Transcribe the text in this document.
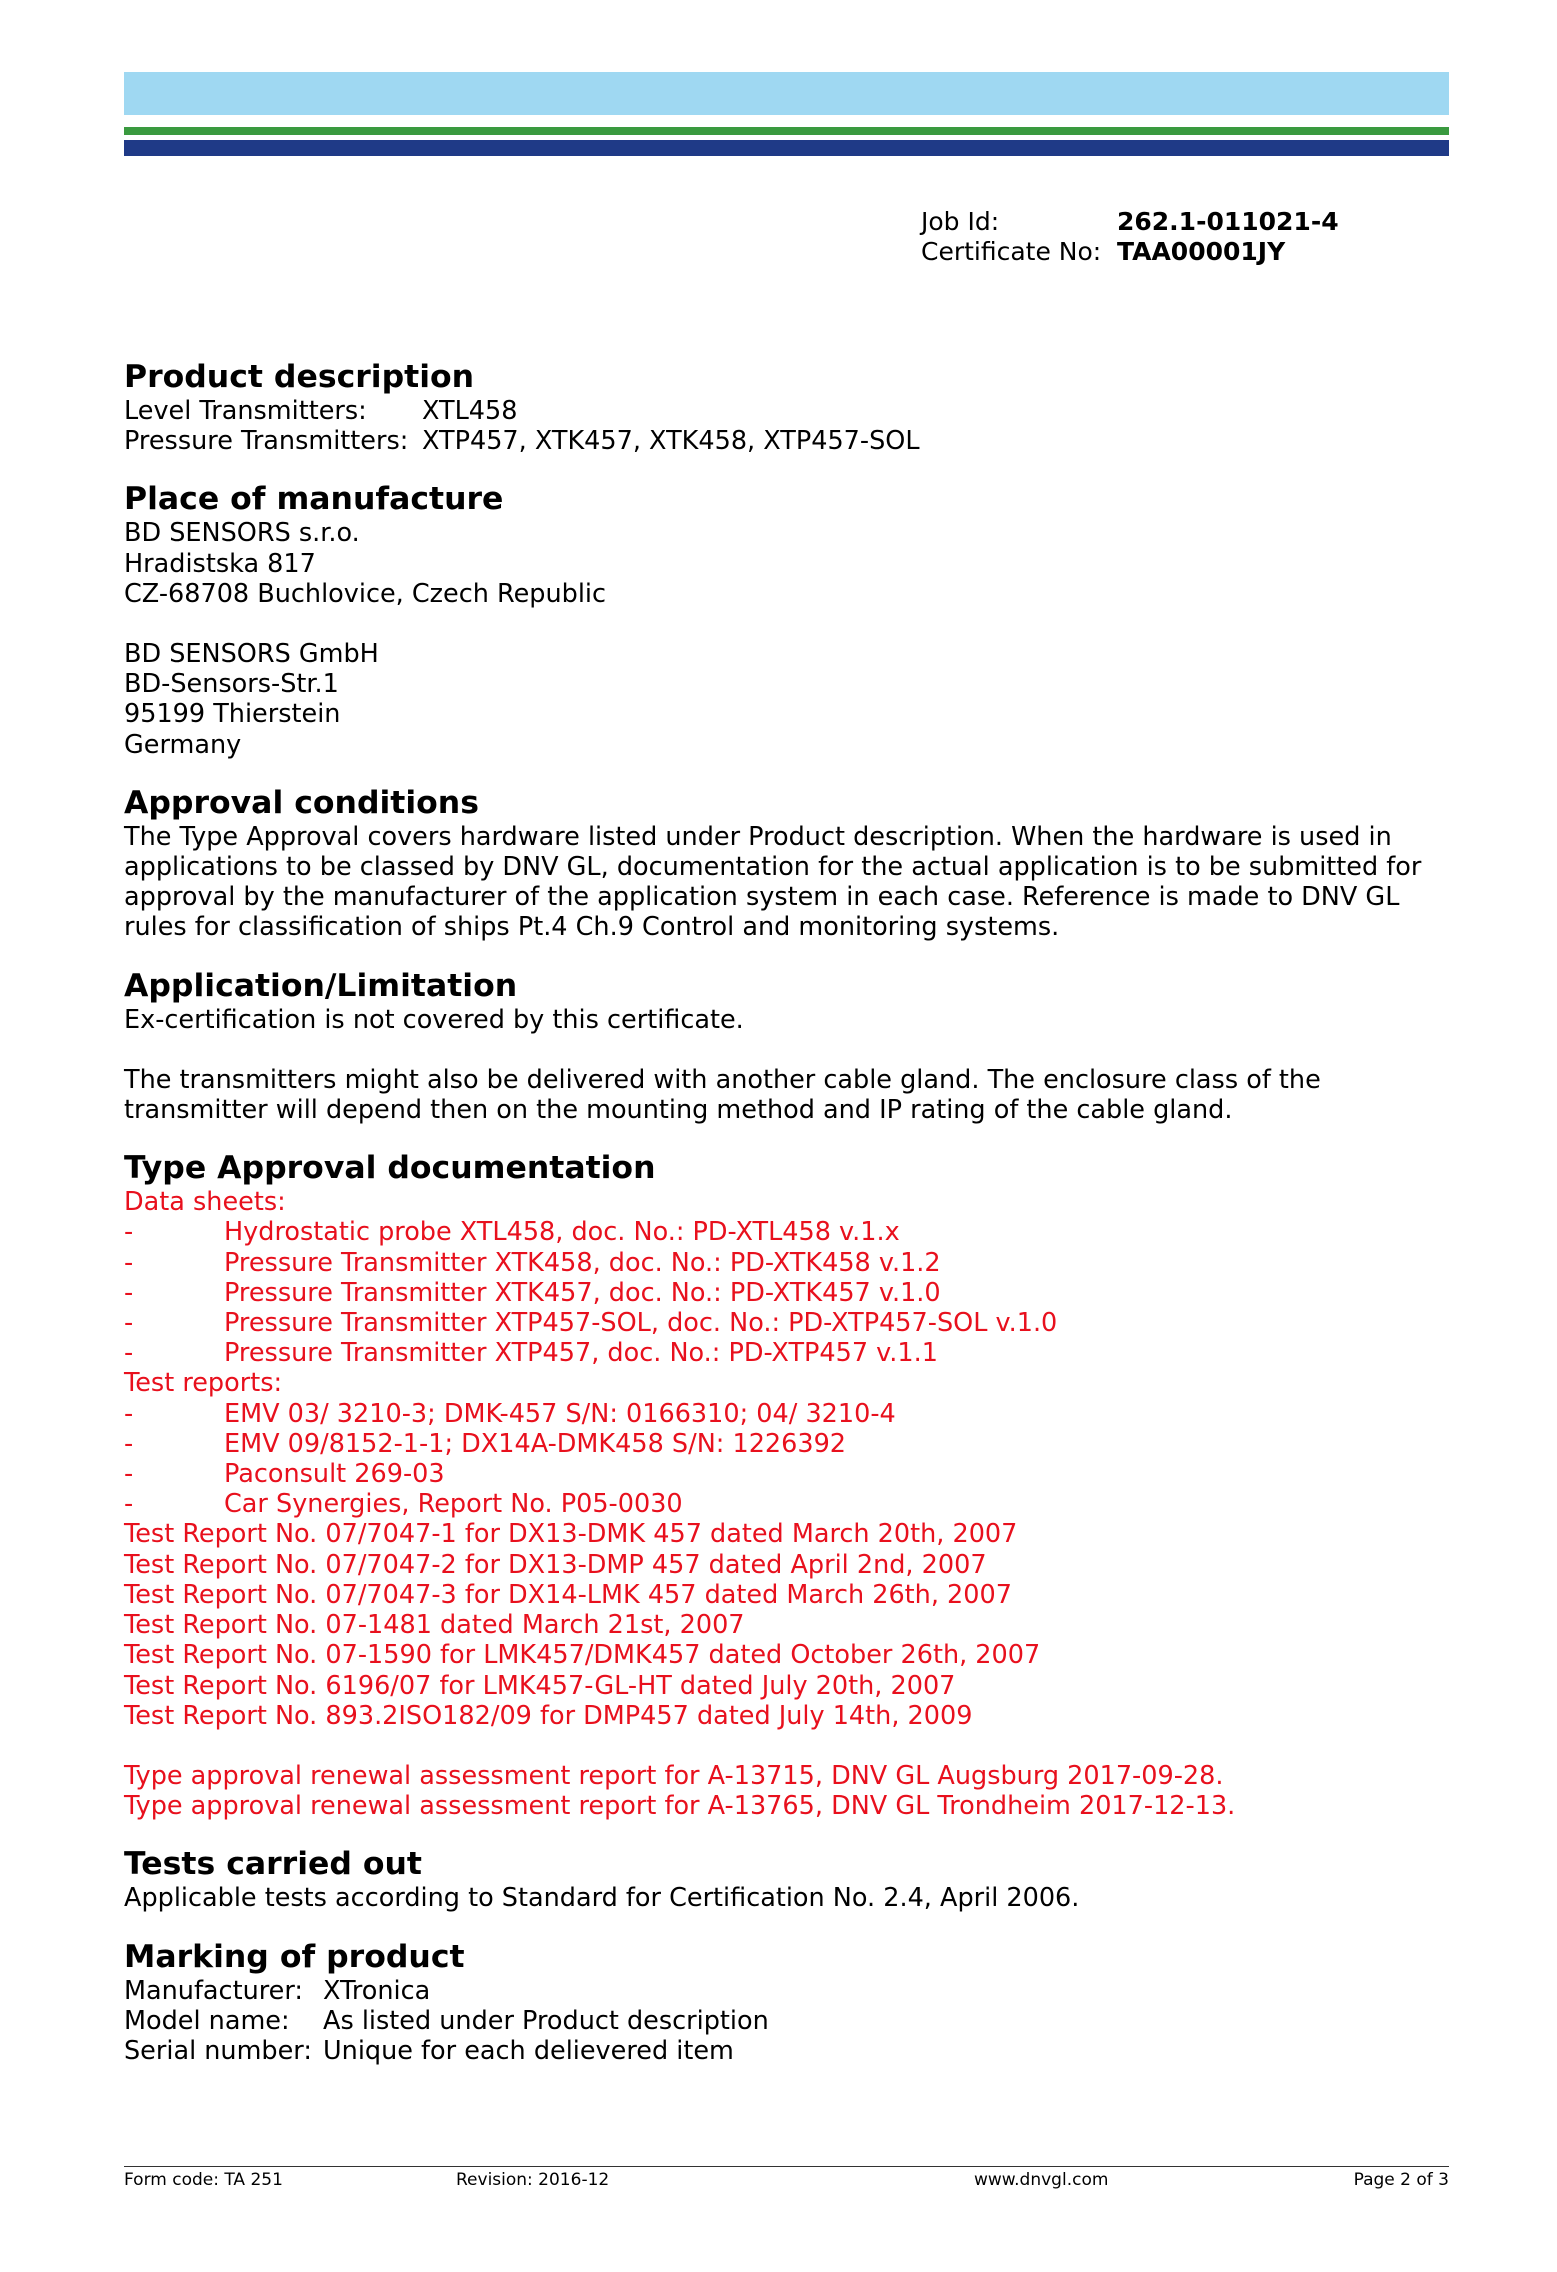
Job Id:	262.1-011021-4
Certificate No: TAA00001JY
Product description
Level Transmitters:	XTL458
Pressure Transmitters: XTP457, XTK457, XTK458, XTP457-SOL
Place of manufacture

BD SENSORS s.r.o.

Hradistska 817

CZ-68708 Buchlovice, Czech Republic

BD SENSORS GmbH

BD-Sensors-Str.1

95199 Thierstein

Germany

Approval conditions

The Type Approval covers hardware listed under Product description. When the hardware is used in applications to be classed by DNV GL, documentation for the actual application is to be submitted for approval by the manufacturer of the application system in each case. Reference is made to DNV GL rules for classification of ships Pt.4 Ch.9 Control and monitoring systems.

Application/Limitation

Ex-certification is not covered by this certificate.

The transmitters might also be delivered with another cable gland. The enclosure class of the transmitter will depend then on the mounting method and IP rating of the cable gland.

Type Approval documentation

Data sheets:

-	Hydrostatic probe XTL458, doc. No.: PD-XTL458 v.1.x
-	Pressure Transmitter XTK458, doc. No.: PD-XTK458 v.1.2
-	Pressure Transmitter XTK457, doc. No.: PD-XTK457 v.1.0
-	Pressure Transmitter XTP457-SOL, doc. No.: PD-XTP457-SOL v.1.0
-	Pressure Transmitter XTP457, doc. No.: PD-XTP457 v.1.1

Test reports:

-	EMV 03/ 3210-3; DMK-457 S/N: 0166310; 04/ 3210-4
-	EMV 09/8152-1-1; DX14A-DMK458 S/N: 1226392
-	Paconsult 269-03
-	Car Synergies, Report No. P05-0030

Test Report No. 07/7047-1 for DX13-DMK 457 dated March 20th, 2007

Test Report No. 07/7047-2 for DX13-DMP 457 dated April 2nd, 2007

Test Report No. 07/7047-3 for DX14-LMK 457 dated March 26th, 2007

Test Report No. 07-1481 dated March 21st, 2007

Test Report No. 07-1590 for LMK457/DMK457 dated October 26th, 2007

Test Report No. 6196/07 for LMK457-GL-HT dated July 20th, 2007

Test Report No. 893.2ISO182/09 for DMP457 dated July 14th, 2009

Type approval renewal assessment report for A-13715, DNV GL Augsburg 2017-09-28.

Type approval renewal assessment report for A-13765, DNV GL Trondheim 2017-12-13.

Tests carried out

Applicable tests according to Standard for Certification No. 2.4, April 2006.

Marking of product
Manufacturer: XTronica
Model name:	As listed under Product description
Serial number: Unique for each delievered item
Form code: TA 251	Revision: 2016-12	www.dnvgl.com	Page 2 of 3
